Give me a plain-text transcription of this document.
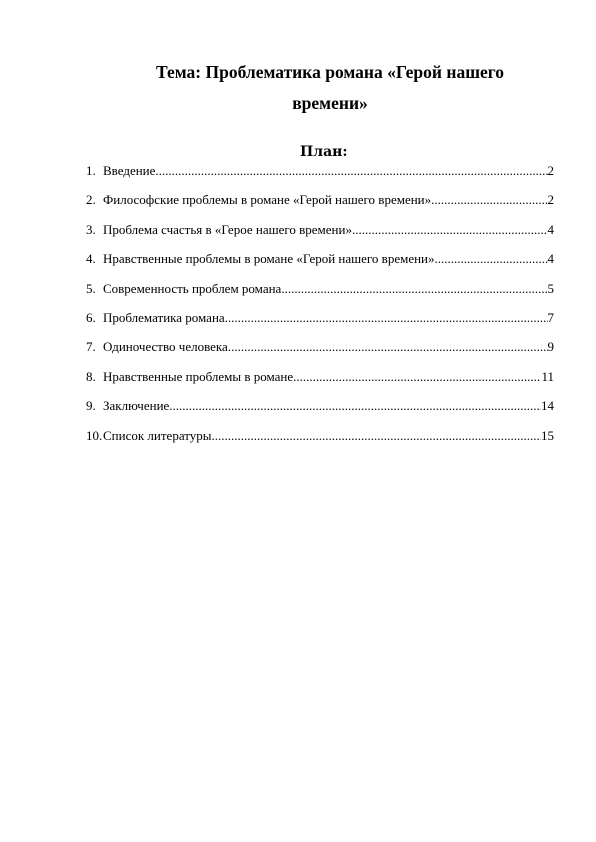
Тема: Проблематика романа «Герой нашего
времени»
План:
1. Введение .....	2
2. Философские проблемы в романе «Герой нашего времени» .....	2
3. Проблема счастья в «Герое нашего времени» .....	4
4. Нравственные проблемы в романе «Герой нашего времени» .....	4
5. Современность проблем романа .....	5
6. Проблематика романа .....	7
7. Одиночество человека .....	9
8. Нравственные проблемы в романе .....	11
9. Заключение .....	14
10. Список литературы .....	15
